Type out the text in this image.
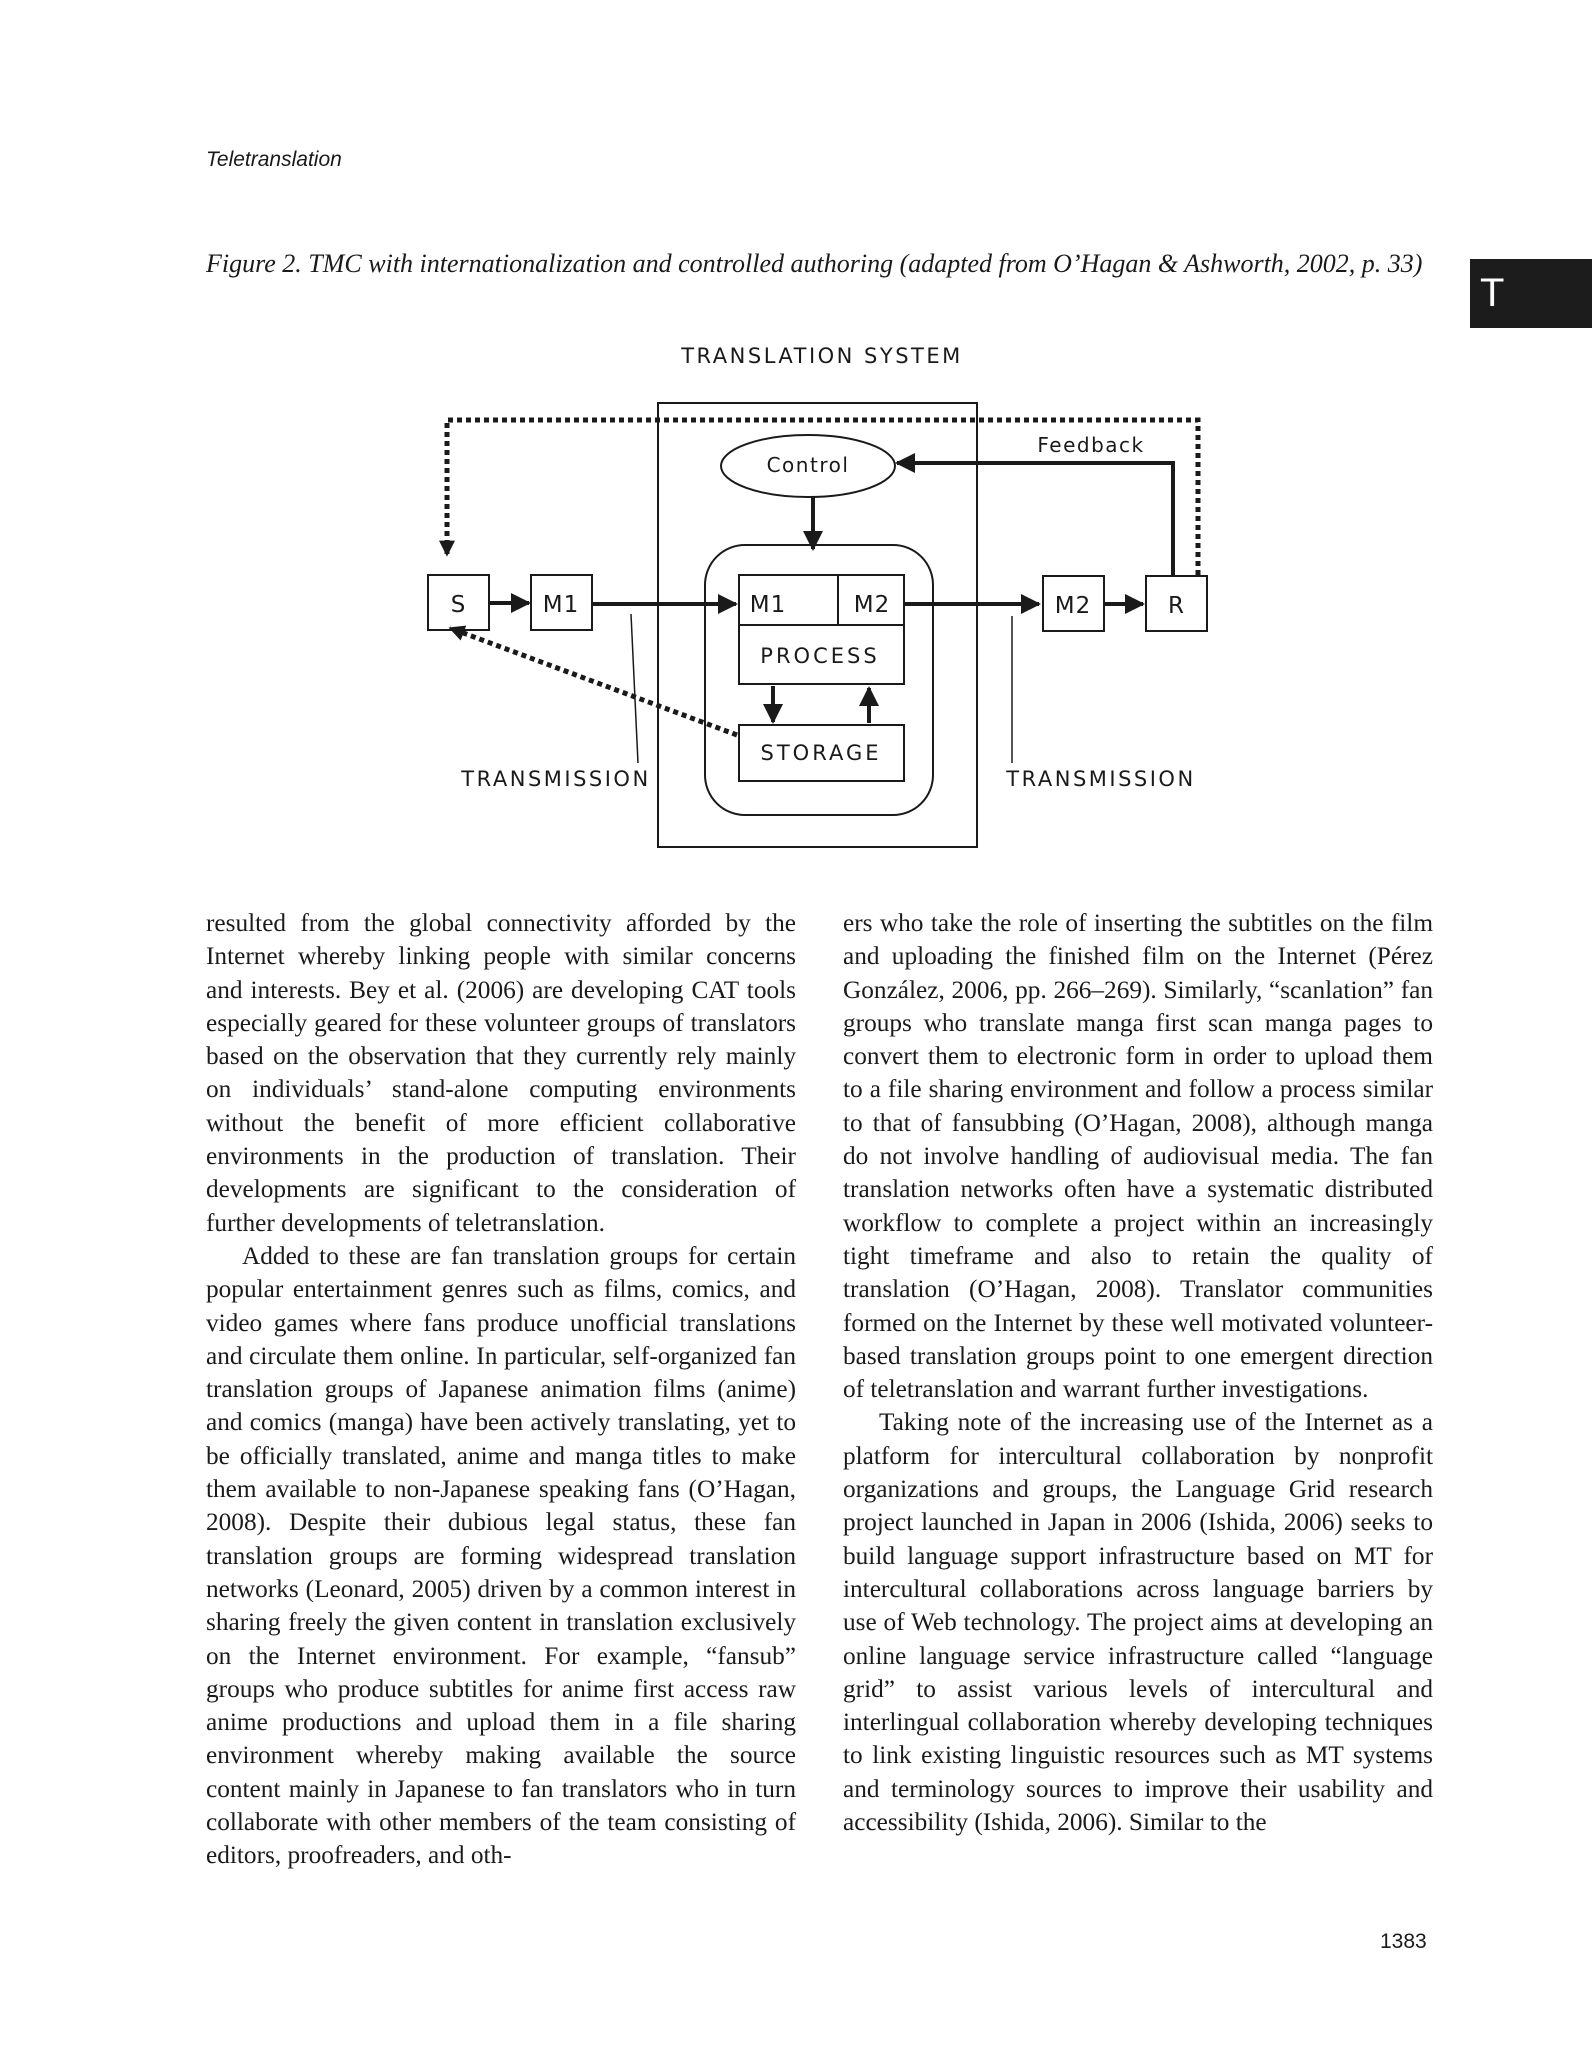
Teletranslation
T
Figure 2. TMC with internationalization and controlled authoring (adapted from O’Hagan & Ashworth, 2002, p. 33)
TRANSLATION SYSTEM
Control
Feedback
S	M1	M1	M2
PROCESS
STORAGE
M2	R
TRANSMISSION	TRANSMISSION

resulted from the global connectivity afforded by the Internet whereby linking people with similar concerns and interests. Bey et al. (2006) are developing CAT tools especially geared for these volunteer groups of translators based on the observation that they currently rely mainly on individuals’ stand-alone computing environments without the benefit of more efficient collaborative environments in the production of translation. Their developments are significant to the consideration of further developments of teletranslation.

Added to these are fan translation groups for certain popular entertainment genres such as films, comics, and video games where fans produce unofficial translations and circulate them online. In particular, self-organized fan translation groups of Japanese animation films (anime) and comics (manga) have been actively translating, yet to be officially translated, anime and manga titles to make them available to non-Japanese speaking fans (O’Hagan, 2008). Despite their dubious legal status, these fan translation groups are forming widespread translation networks (Leonard, 2005) driven by a common interest in sharing freely the given content in translation exclusively on the Internet environment. For example, “fansub” groups who produce subtitles for anime first access raw anime productions and upload them in a file sharing environment whereby making available the source content mainly in Japanese to fan translators who in turn collaborate with other members of the team consisting of editors, proofreaders, and oth-

ers who take the role of inserting the subtitles on the film and uploading the finished film on the Internet (Pérez González, 2006, pp. 266–269). Similarly, “scanlation” fan groups who translate manga first scan manga pages to convert them to electronic form in order to upload them to a file sharing environment and follow a process similar to that of fansubbing (O’Hagan, 2008), although manga do not involve handling of audiovisual media. The fan translation networks often have a systematic distributed workflow to complete a project within an increasingly tight timeframe and also to retain the quality of translation (O’Hagan, 2008). Translator communities formed on the Internet by these well motivated volunteer-based translation groups point to one emergent direction of teletranslation and warrant further investigations.

Taking note of the increasing use of the Internet as a platform for intercultural collaboration by nonprofit organizations and groups, the Language Grid research project launched in Japan in 2006 (Ishida, 2006) seeks to build language support infrastructure based on MT for intercultural collaborations across language barriers by use of Web technology. The project aims at developing an online language service infrastructure called “language grid” to assist various levels of intercultural and interlingual collaboration whereby developing techniques to link existing linguistic resources such as MT systems and terminology sources to improve their usability and accessibility (Ishida, 2006). Similar to the

1383
